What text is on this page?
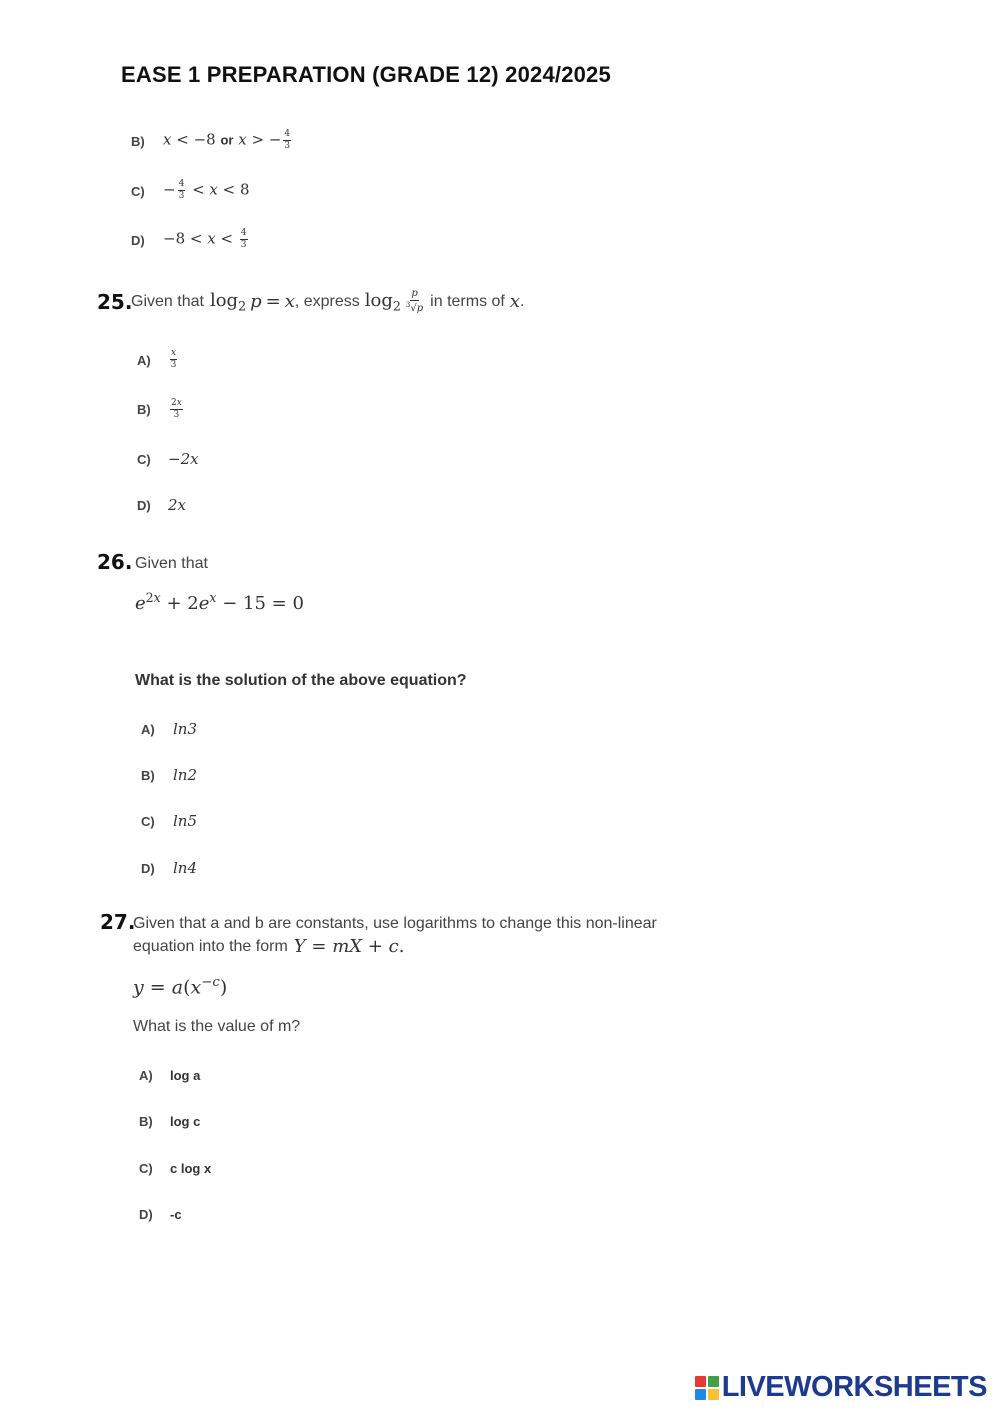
EASE 1 PREPARATION (GRADE 12) 2024/2025
B) x < −8 or x > − $\frac{4}{3}$
$C) - \frac{4}{3} < x < 8$
$D) -8 < x < \frac{4}{3}$
25.
Given that $\log_2 p = x$ , express $\log_2 \frac{p}{^3√p}$ in terms of x .
$A) \frac{x}{3}$
$B) \frac{2x}{3}$
C) −2x
D) 2x
26. Given that
$e^{2x} + 2e^x - 15 = 0$
What is the solution of the above equation?
A) ln3
B) ln2
C) ln5
D) ln4
27.
Given that a and b are constants, use logarithms to change this non-linear
equation into the form Y = mX + c.
$y = a(x^{-c})$
What is the value of m?
A) log a
B) log c
C) c log x
D) -c
LIVEWORKSHEETS
